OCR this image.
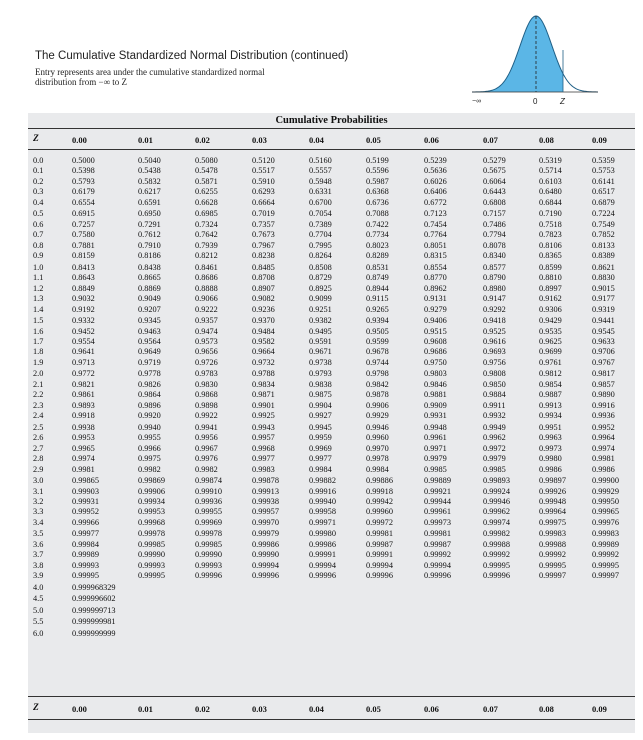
The Cumulative Standardized Normal Distribution (continued)
Entry represents area under the cumulative standardized normal distribution from −∞ to Z
−∞	0	Z
Cumulative Probabilities
Z	0.00	0.01	0.02	0.03	0.04	0.05	0.06	0.07	0.08	0.09
0.0	0.5000	0.5040	0.5080	0.5120	0.5160	0.5199	0.5239	0.5279	0.5319	0.5359
0.1	0.5398	0.5438	0.5478	0.5517	0.5557	0.5596	0.5636	0.5675	0.5714	0.5753
0.2	0.5793	0.5832	0.5871	0.5910	0.5948	0.5987	0.6026	0.6064	0.6103	0.6141
0.3	0.6179	0.6217	0.6255	0.6293	0.6331	0.6368	0.6406	0.6443	0.6480	0.6517
0.4	0.6554	0.6591	0.6628	0.6664	0.6700	0.6736	0.6772	0.6808	0.6844	0.6879
0.5	0.6915	0.6950	0.6985	0.7019	0.7054	0.7088	0.7123	0.7157	0.7190	0.7224
0.6	0.7257	0.7291	0.7324	0.7357	0.7389	0.7422	0.7454	0.7486	0.7518	0.7549
0.7	0.7580	0.7612	0.7642	0.7673	0.7704	0.7734	0.7764	0.7794	0.7823	0.7852
0.8	0.7881	0.7910	0.7939	0.7967	0.7995	0.8023	0.8051	0.8078	0.8106	0.8133
0.9	0.8159	0.8186	0.8212	0.8238	0.8264	0.8289	0.8315	0.8340	0.8365	0.8389
1.0	0.8413	0.8438	0.8461	0.8485	0.8508	0.8531	0.8554	0.8577	0.8599	0.8621
1.1	0.8643	0.8665	0.8686	0.8708	0.8729	0.8749	0.8770	0.8790	0.8810	0.8830
1.2	0.8849	0.8869	0.8888	0.8907	0.8925	0.8944	0.8962	0.8980	0.8997	0.9015
1.3	0.9032	0.9049	0.9066	0.9082	0.9099	0.9115	0.9131	0.9147	0.9162	0.9177
1.4	0.9192	0.9207	0.9222	0.9236	0.9251	0.9265	0.9279	0.9292	0.9306	0.9319
1.5	0.9332	0.9345	0.9357	0.9370	0.9382	0.9394	0.9406	0.9418	0.9429	0.9441
1.6	0.9452	0.9463	0.9474	0.9484	0.9495	0.9505	0.9515	0.9525	0.9535	0.9545
1.7	0.9554	0.9564	0.9573	0.9582	0.9591	0.9599	0.9608	0.9616	0.9625	0.9633
1.8	0.9641	0.9649	0.9656	0.9664	0.9671	0.9678	0.9686	0.9693	0.9699	0.9706
1.9	0.9713	0.9719	0.9726	0.9732	0.9738	0.9744	0.9750	0.9756	0.9761	0.9767
2.0	0.9772	0.9778	0.9783	0.9788	0.9793	0.9798	0.9803	0.9808	0.9812	0.9817
2.1	0.9821	0.9826	0.9830	0.9834	0.9838	0.9842	0.9846	0.9850	0.9854	0.9857
2.2	0.9861	0.9864	0.9868	0.9871	0.9875	0.9878	0.9881	0.9884	0.9887	0.9890
2.3	0.9893	0.9896	0.9898	0.9901	0.9904	0.9906	0.9909	0.9911	0.9913	0.9916
2.4	0.9918	0.9920	0.9922	0.9925	0.9927	0.9929	0.9931	0.9932	0.9934	0.9936
2.5	0.9938	0.9940	0.9941	0.9943	0.9945	0.9946	0.9948	0.9949	0.9951	0.9952
2.6	0.9953	0.9955	0.9956	0.9957	0.9959	0.9960	0.9961	0.9962	0.9963	0.9964
2.7	0.9965	0.9966	0.9967	0.9968	0.9969	0.9970	0.9971	0.9972	0.9973	0.9974
2.8	0.9974	0.9975	0.9976	0.9977	0.9977	0.9978	0.9979	0.9979	0.9980	0.9981
2.9	0.9981	0.9982	0.9982	0.9983	0.9984	0.9984	0.9985	0.9985	0.9986	0.9986
3.0	0.99865	0.99869	0.99874	0.99878	0.99882	0.99886	0.99889	0.99893	0.99897	0.99900
3.1	0.99903	0.99906	0.99910	0.99913	0.99916	0.99918	0.99921	0.99924	0.99926	0.99929
3.2	0.99931	0.99934	0.99936	0.99938	0.99940	0.99942	0.99944	0.99946	0.99948	0.99950
3.3	0.99952	0.99953	0.99955	0.99957	0.99958	0.99960	0.99961	0.99962	0.99964	0.99965
3.4	0.99966	0.99968	0.99969	0.99970	0.99971	0.99972	0.99973	0.99974	0.99975	0.99976
3.5	0.99977	0.99978	0.99978	0.99979	0.99980	0.99981	0.99981	0.99982	0.99983	0.99983
3.6	0.99984	0.99985	0.99985	0.99986	0.99986	0.99987	0.99987	0.99988	0.99988	0.99989
3.7	0.99989	0.99990	0.99990	0.99990	0.99991	0.99991	0.99992	0.99992	0.99992	0.99992
3.8	0.99993	0.99993	0.99993	0.99994	0.99994	0.99994	0.99994	0.99995	0.99995	0.99995
3.9	0.99995	0.99995	0.99996	0.99996	0.99996	0.99996	0.99996	0.99996	0.99997	0.99997
4.0	0.999968329
4.5	0.999996602
5.0	0.999999713
5.5	0.999999981
6.0	0.999999999
Z	0.00	0.01	0.02	0.03	0.04	0.05	0.06	0.07	0.08	0.09
